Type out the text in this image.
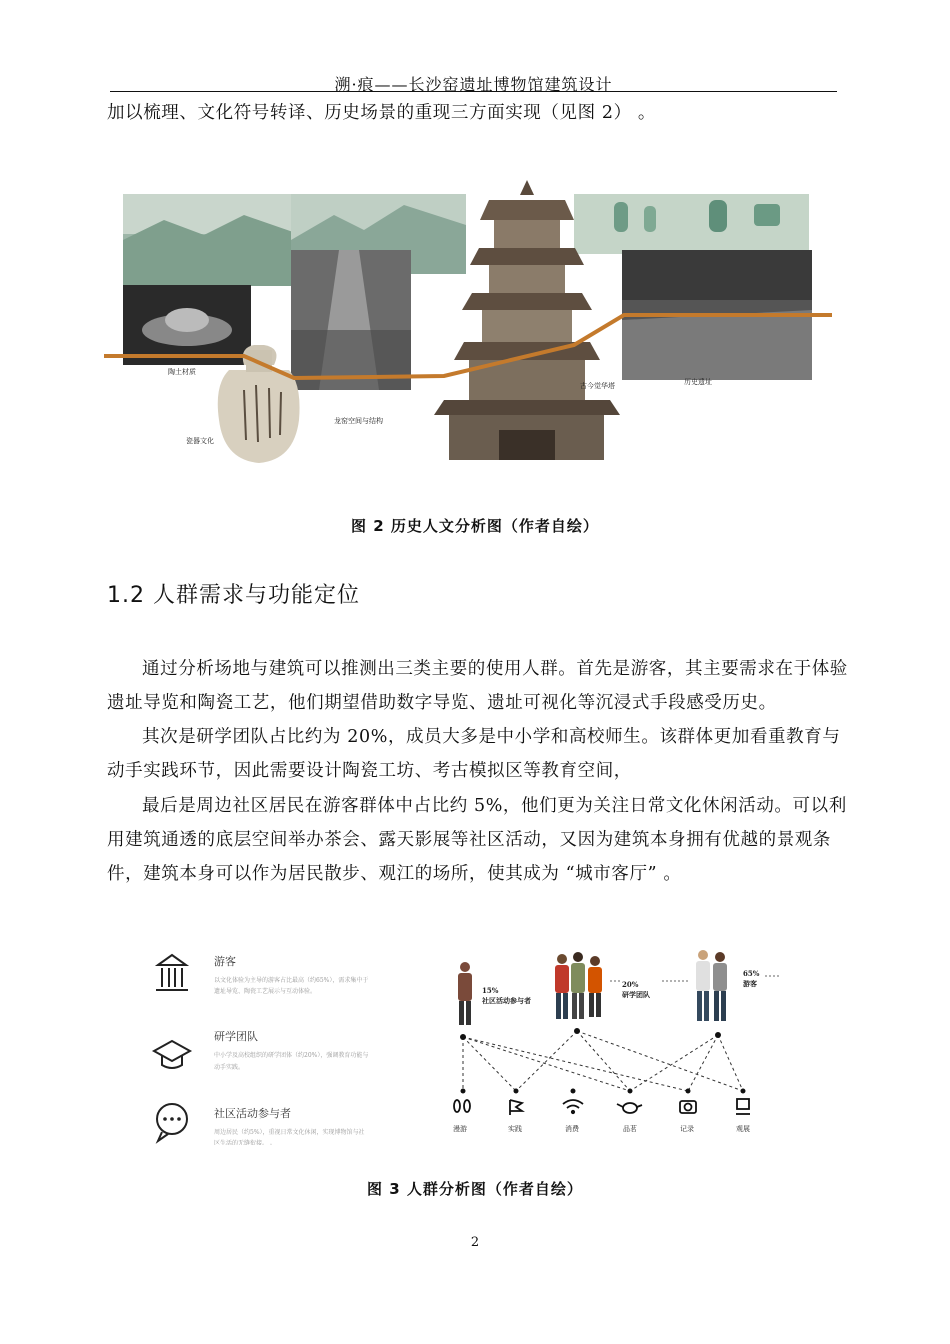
溯·痕——长沙窑遗址博物馆建筑设计
加以梳理、文化符号转译、历史场景的重现三方面实现（见图 2） 。
陶土材质
瓷器文化
龙窑空间与结构
古今觉华塔	历史遗址
图 2 历史人文分析图（作者自绘）
1.2 人群需求与功能定位
通过分析场地与建筑可以推测出三类主要的使用人群。首先是游客，其主要需求在于体验遗址导览和陶瓷工艺，他们期望借助数字导览、遗址可视化等沉浸式手段感受历史。
其次是研学团队占比约为 20%，成员大多是中小学和高校师生。该群体更加看重教育与动手实践环节，因此需要设计陶瓷工坊、考古模拟区等教育空间，
最后是周边社区居民在游客群体中占比约 5%，他们更为关注日常文化休闲活动。可以利用建筑通透的底层空间举办茶会、露天影展等社区活动，又因为建筑本身拥有优越的景观条件，建筑本身可以作为居民散步、观江的场所，使其成为 “城市客厅” 。
游客
以文化体验为主导的游客占比最高（约65%），需求集中于
遗址导览、陶瓷工艺展示与互动体验。
研学团队
中小学及高校组织的研学团体（约20%），强调教育功能与
动手实践。
社区活动参与者
周边居民（约5%），重视日常文化休闲，实现博物馆与社
区生活的无缝衔接。 。
15%
社区活动参与者
20%
研学团队
65%
游客
漫游	实践	消费	品茗	记录	观展
图 3 人群分析图（作者自绘）
2
